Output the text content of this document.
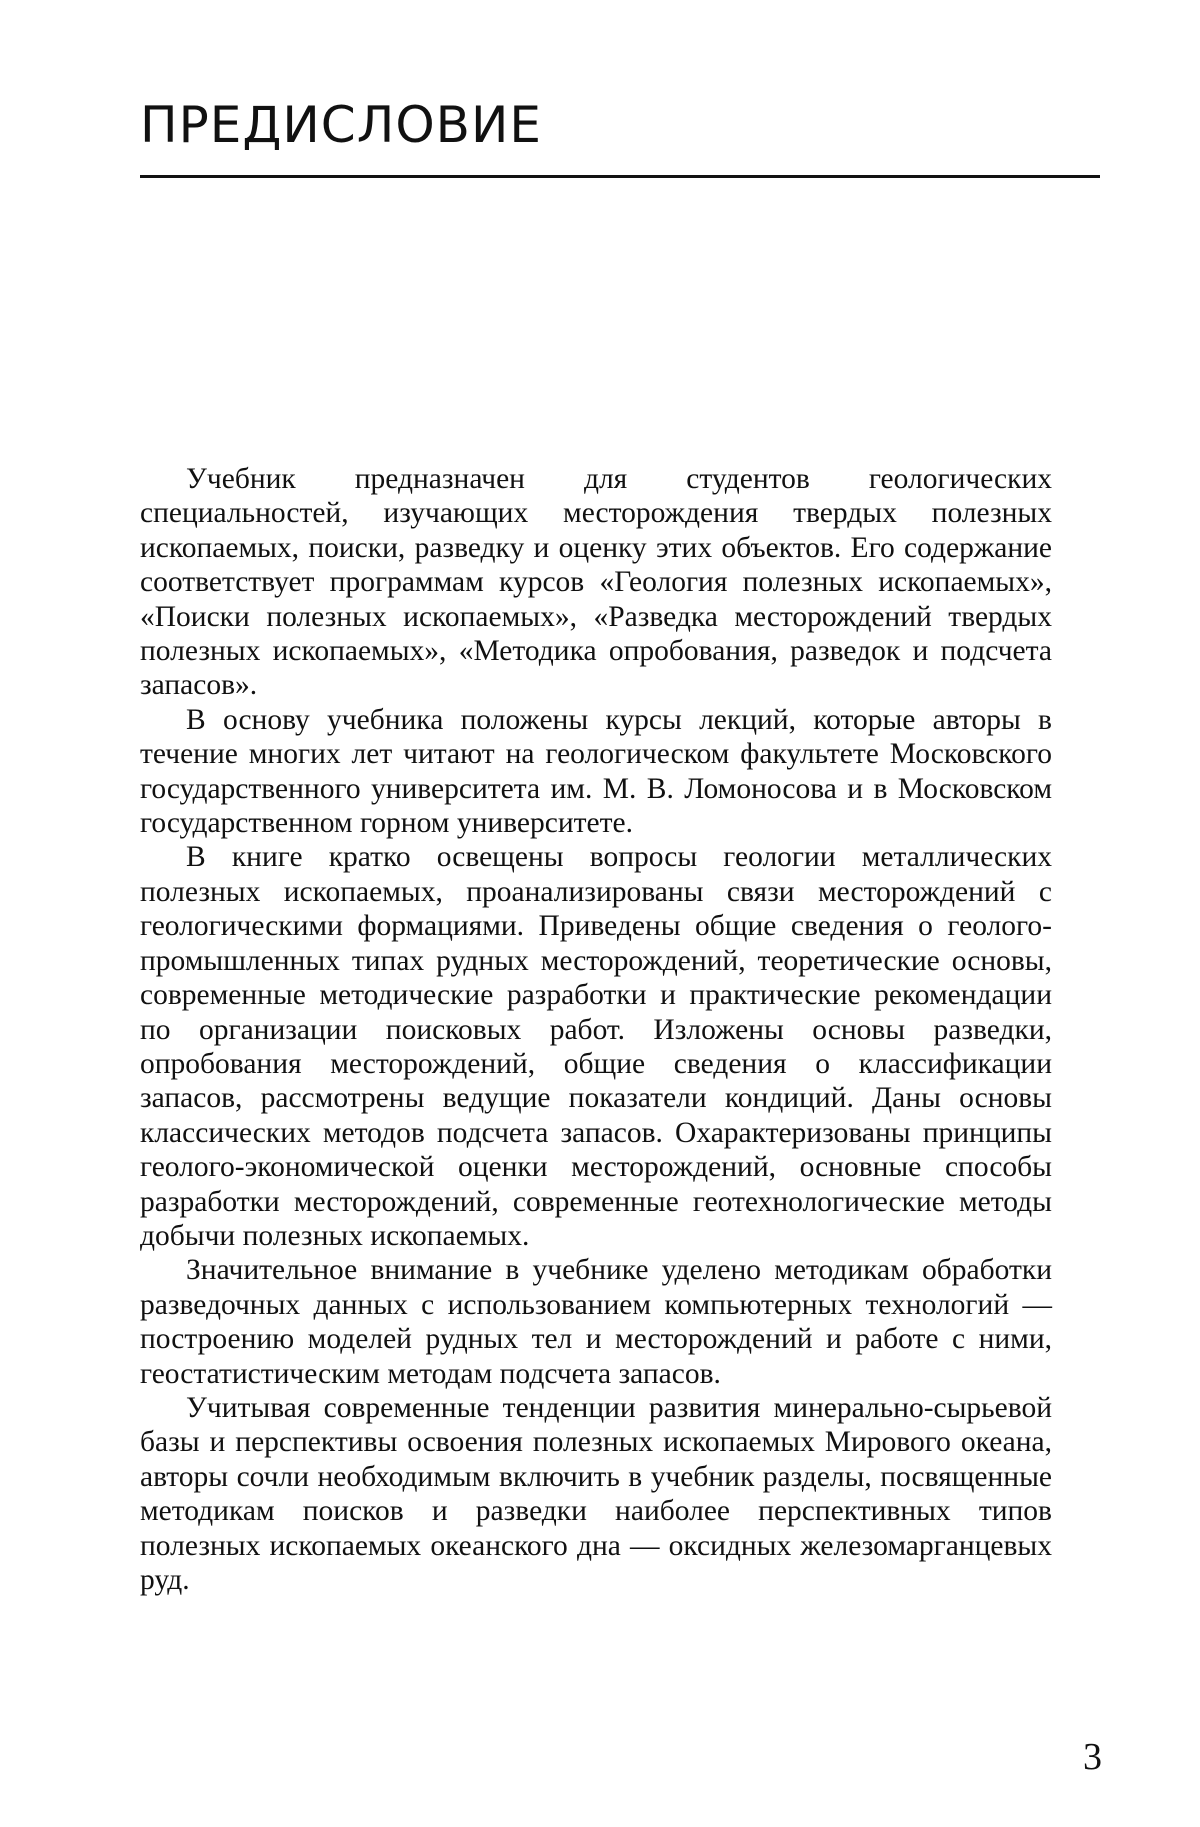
ПРЕДИСЛОВИЕ

Учебник предназначен для студентов геологических специальностей, изучающих месторождения твердых полезных ископаемых, поиски, разведку и оценку этих объектов. Его содержание соответствует программам курсов «Геология полезных ископаемых», «Поиски полезных ископаемых», «Разведка месторождений твердых полезных ископаемых», «Методика опробования, разведок и подсчета запасов».

В основу учебника положены курсы лекций, которые авторы в течение многих лет читают на геологическом факультете Московского государственного университета им. М. В. Ломоносова и в Московском государственном горном университете.

В книге кратко освещены вопросы геологии металлических полезных ископаемых, проанализированы связи месторождений с геологическими формациями. Приведены общие сведения о геолого-промышленных типах рудных месторождений, теоретические основы, современные методические разработки и практические рекомендации по организации поисковых работ. Изложены основы разведки, опробования месторождений, общие сведения о классификации запасов, рассмотрены ведущие показатели кондиций. Даны основы классических методов подсчета запасов. Охарактеризованы принципы геолого-экономической оценки месторождений, основные способы разработки месторождений, современные геотехнологические методы добычи полезных ископаемых.

Значительное внимание в учебнике уделено методикам обработки разведочных данных с использованием компьютерных технологий — построению моделей рудных тел и месторождений и работе с ними, геостатистическим методам подсчета запасов.

Учитывая современные тенденции развития минерально-сырьевой базы и перспективы освоения полезных ископаемых Мирового океана, авторы сочли необходимым включить в учебник разделы, посвященные методикам поисков и разведки наиболее перспективных типов полезных ископаемых океанского дна — оксидных железомарганцевых руд.

3
